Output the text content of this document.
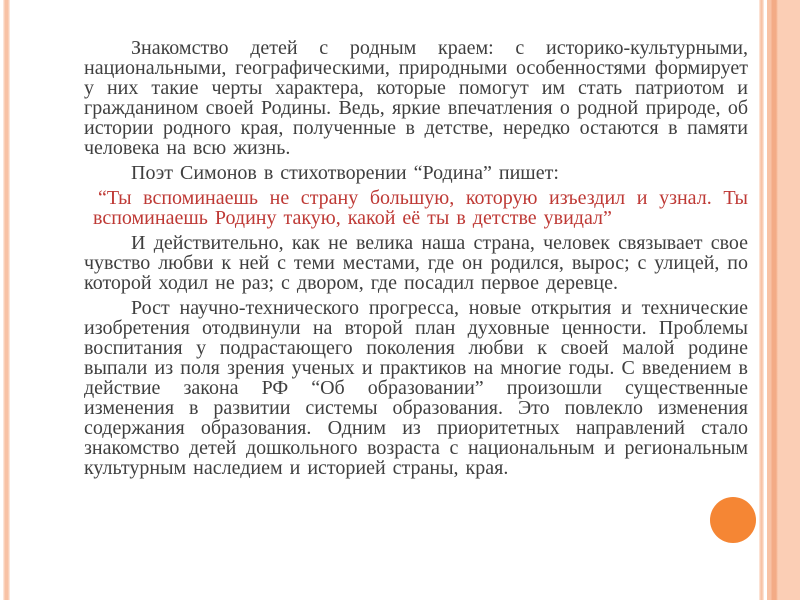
Знакомство детей с родным краем: с историко-культурными, национальными, географическими, природными особенностями формирует у них такие черты характера, которые помогут им стать патриотом и гражданином своей Родины. Ведь, яркие впечатления о родной природе, об истории родного края, полученные в детстве, нередко остаются в памяти человека на всю жизнь.

Поэт Симонов в стихотворении “Родина” пишет:

“Ты вспоминаешь не страну большую, которую изъездил и узнал. Ты вспоминаешь Родину такую, какой её ты в детстве увидал”

И действительно, как не велика наша страна, человек связывает свое чувство любви к ней с теми местами, где он родился, вырос; с улицей, по которой ходил не раз; с двором, где посадил первое деревце.

Рост научно-технического прогресса, новые открытия и технические изобретения отодвинули на второй план духовные ценности. Проблемы воспитания у подрастающего поколения любви к своей малой родине выпали из поля зрения ученых и практиков на многие годы. С введением в действие закона РФ “Об образовании” произошли существенные изменения в развитии системы образования. Это повлекло изменения содержания образования. Одним из приоритетных направлений стало знакомство детей дошкольного возраста с национальным и региональным культурным наследием и историей страны, края.
